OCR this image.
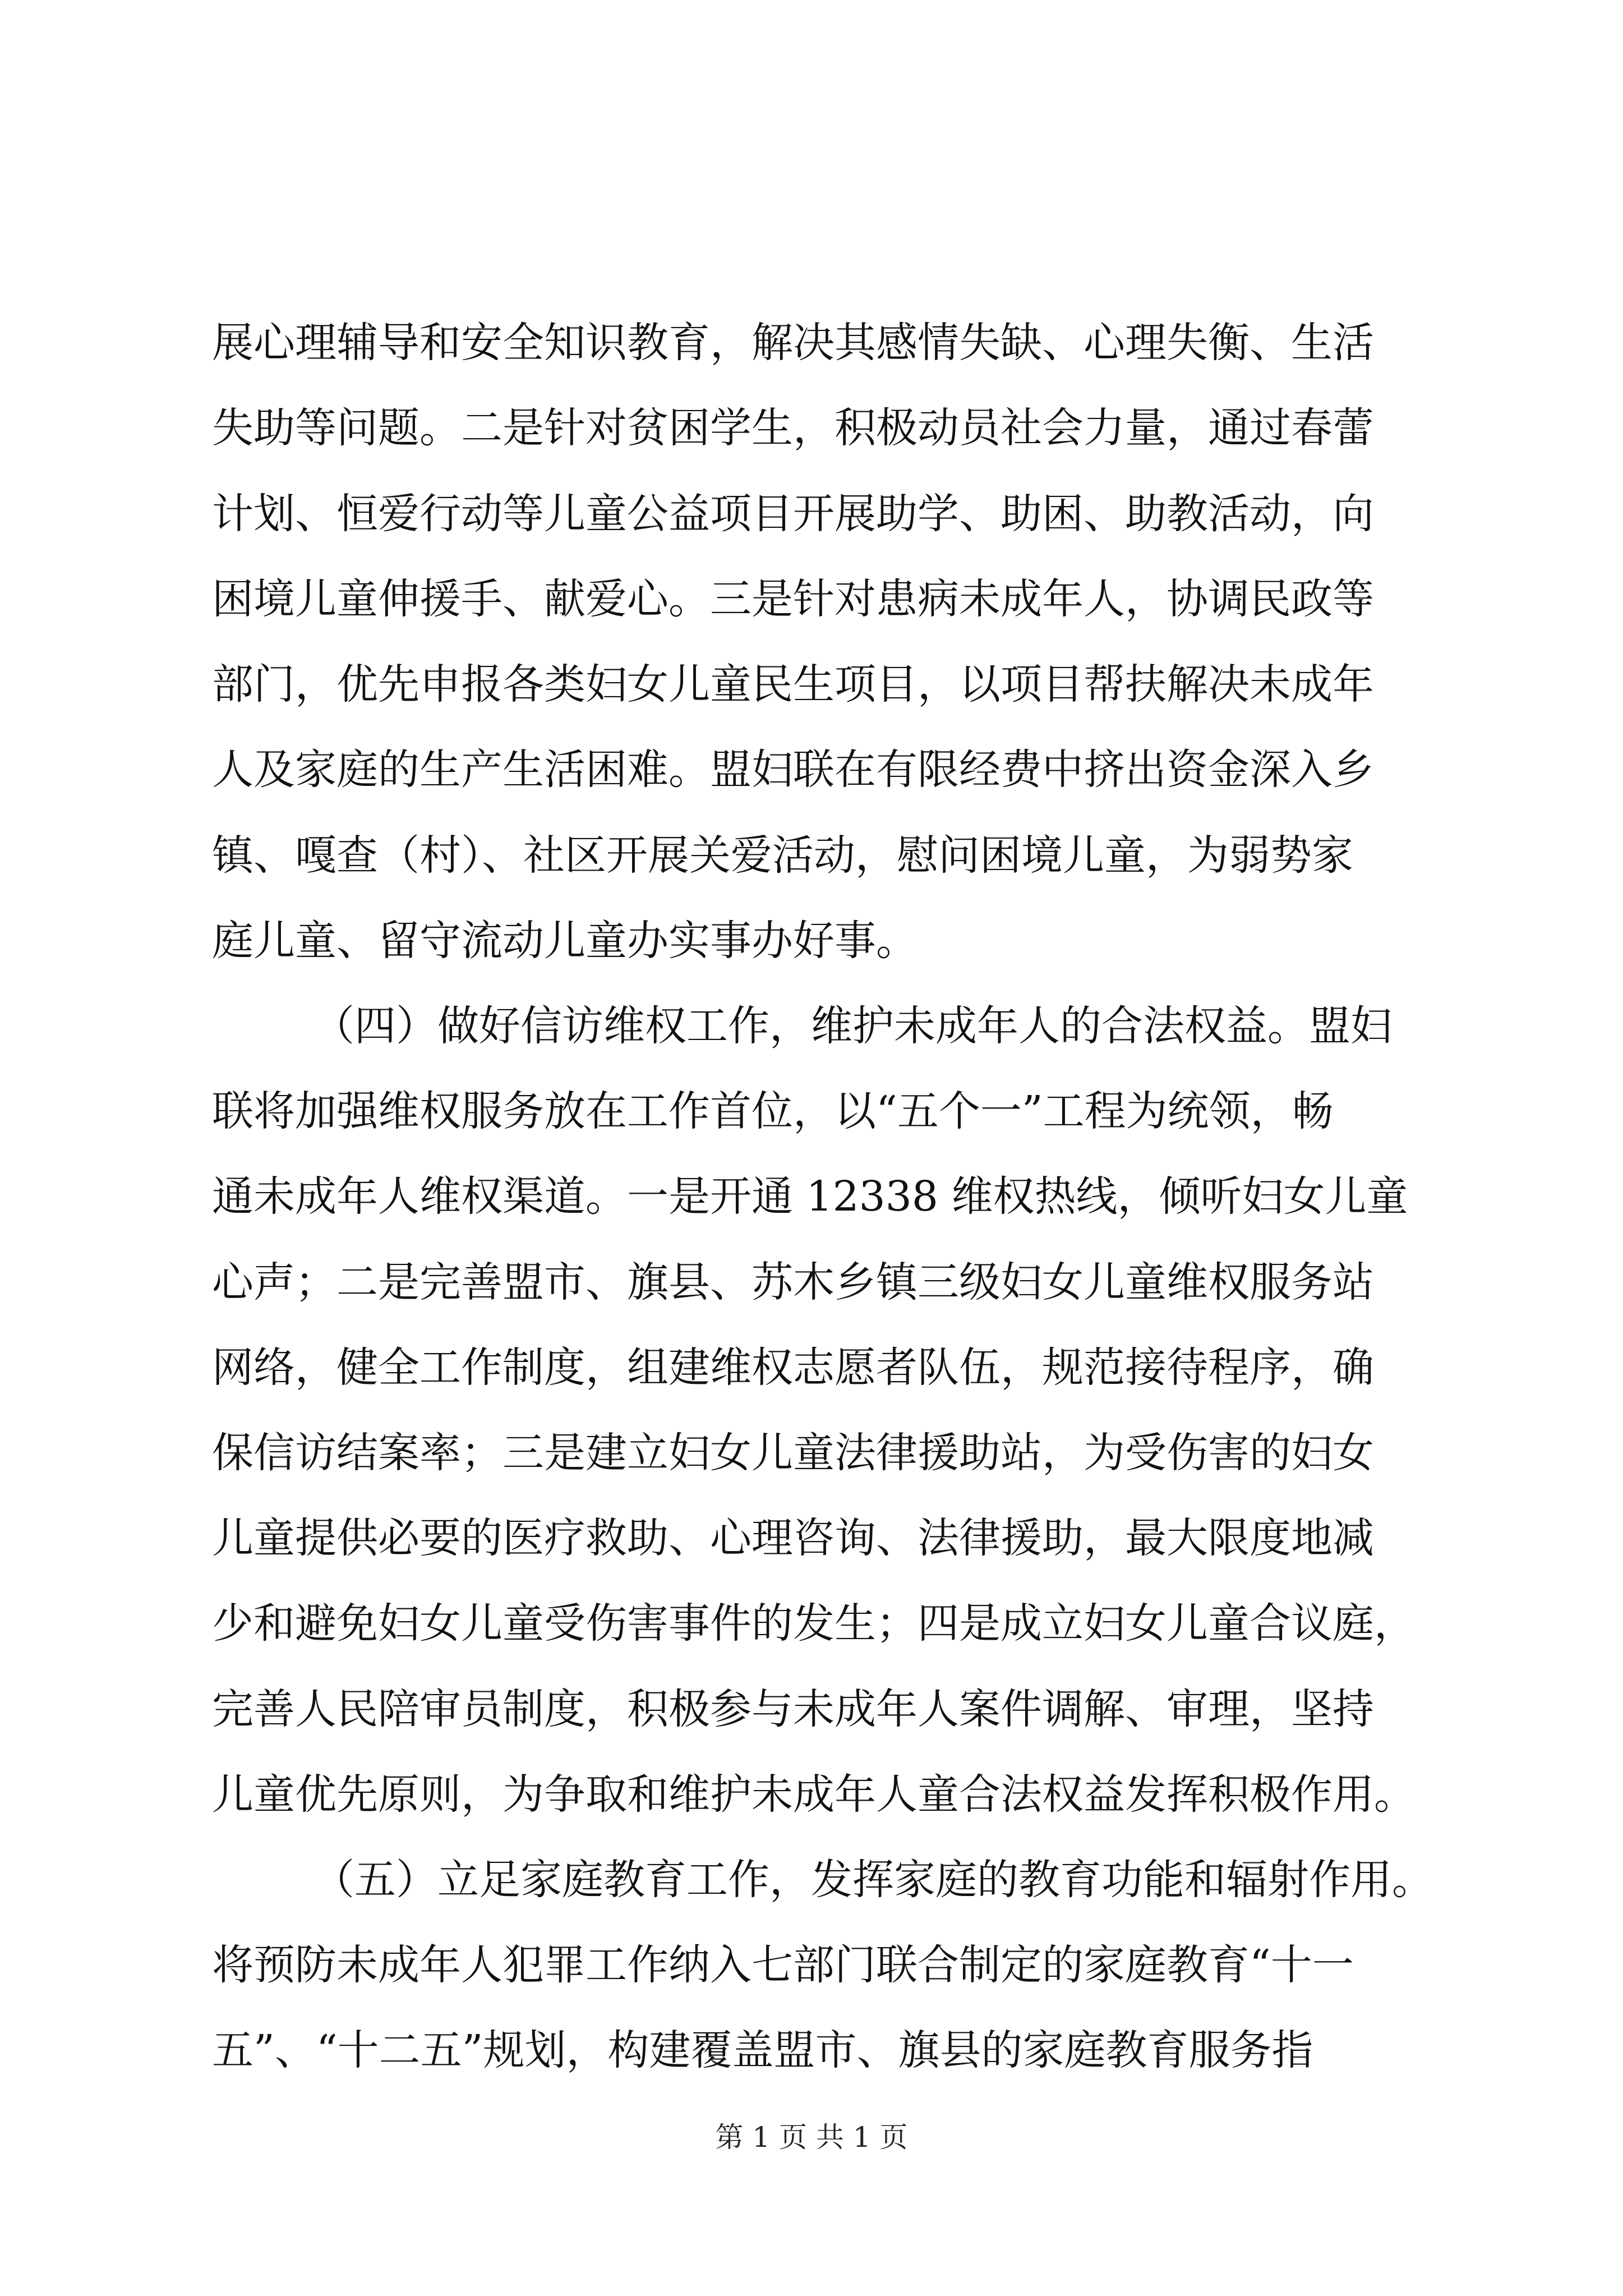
展心理辅导和安全知识教育，解决其感情失缺、心理失衡、生活
失助等问题。二是针对贫困学生，积极动员社会力量，通过春蕾
计划、恒爱行动等儿童公益项目开展助学、助困、助教活动，向
困境儿童伸援手、献爱心。三是针对患病未成年人，协调民政等
部门，优先申报各类妇女儿童民生项目，以项目帮扶解决未成年
人及家庭的生产生活困难。盟妇联在有限经费中挤出资金深入乡
镇、嘎查（村）、社区开展关爱活动，慰问困境儿童，为弱势家
庭儿童、留守流动儿童办实事办好事。
（四）做好信访维权工作，维护未成年人的合法权益。盟妇
联将加强维权服务放在工作首位，以“五个一”工程为统领，畅
通未成年人维权渠道。一是开通 12338 维权热线，倾听妇女儿童
心声；二是完善盟市、旗县、苏木乡镇三级妇女儿童维权服务站
网络，健全工作制度，组建维权志愿者队伍，规范接待程序，确
保信访结案率；三是建立妇女儿童法律援助站，为受伤害的妇女
儿童提供必要的医疗救助、心理咨询、法律援助，最大限度地减
少和避免妇女儿童受伤害事件的发生；四是成立妇女儿童合议庭，
完善人民陪审员制度，积极参与未成年人案件调解、审理，坚持
儿童优先原则，为争取和维护未成年人童合法权益发挥积极作用。
（五）立足家庭教育工作，发挥家庭的教育功能和辐射作用。
将预防未成年人犯罪工作纳入七部门联合制定的家庭教育“十一
五”、“十二五”规划，构建覆盖盟市、旗县的家庭教育服务指
第 1 页 共 1 页
